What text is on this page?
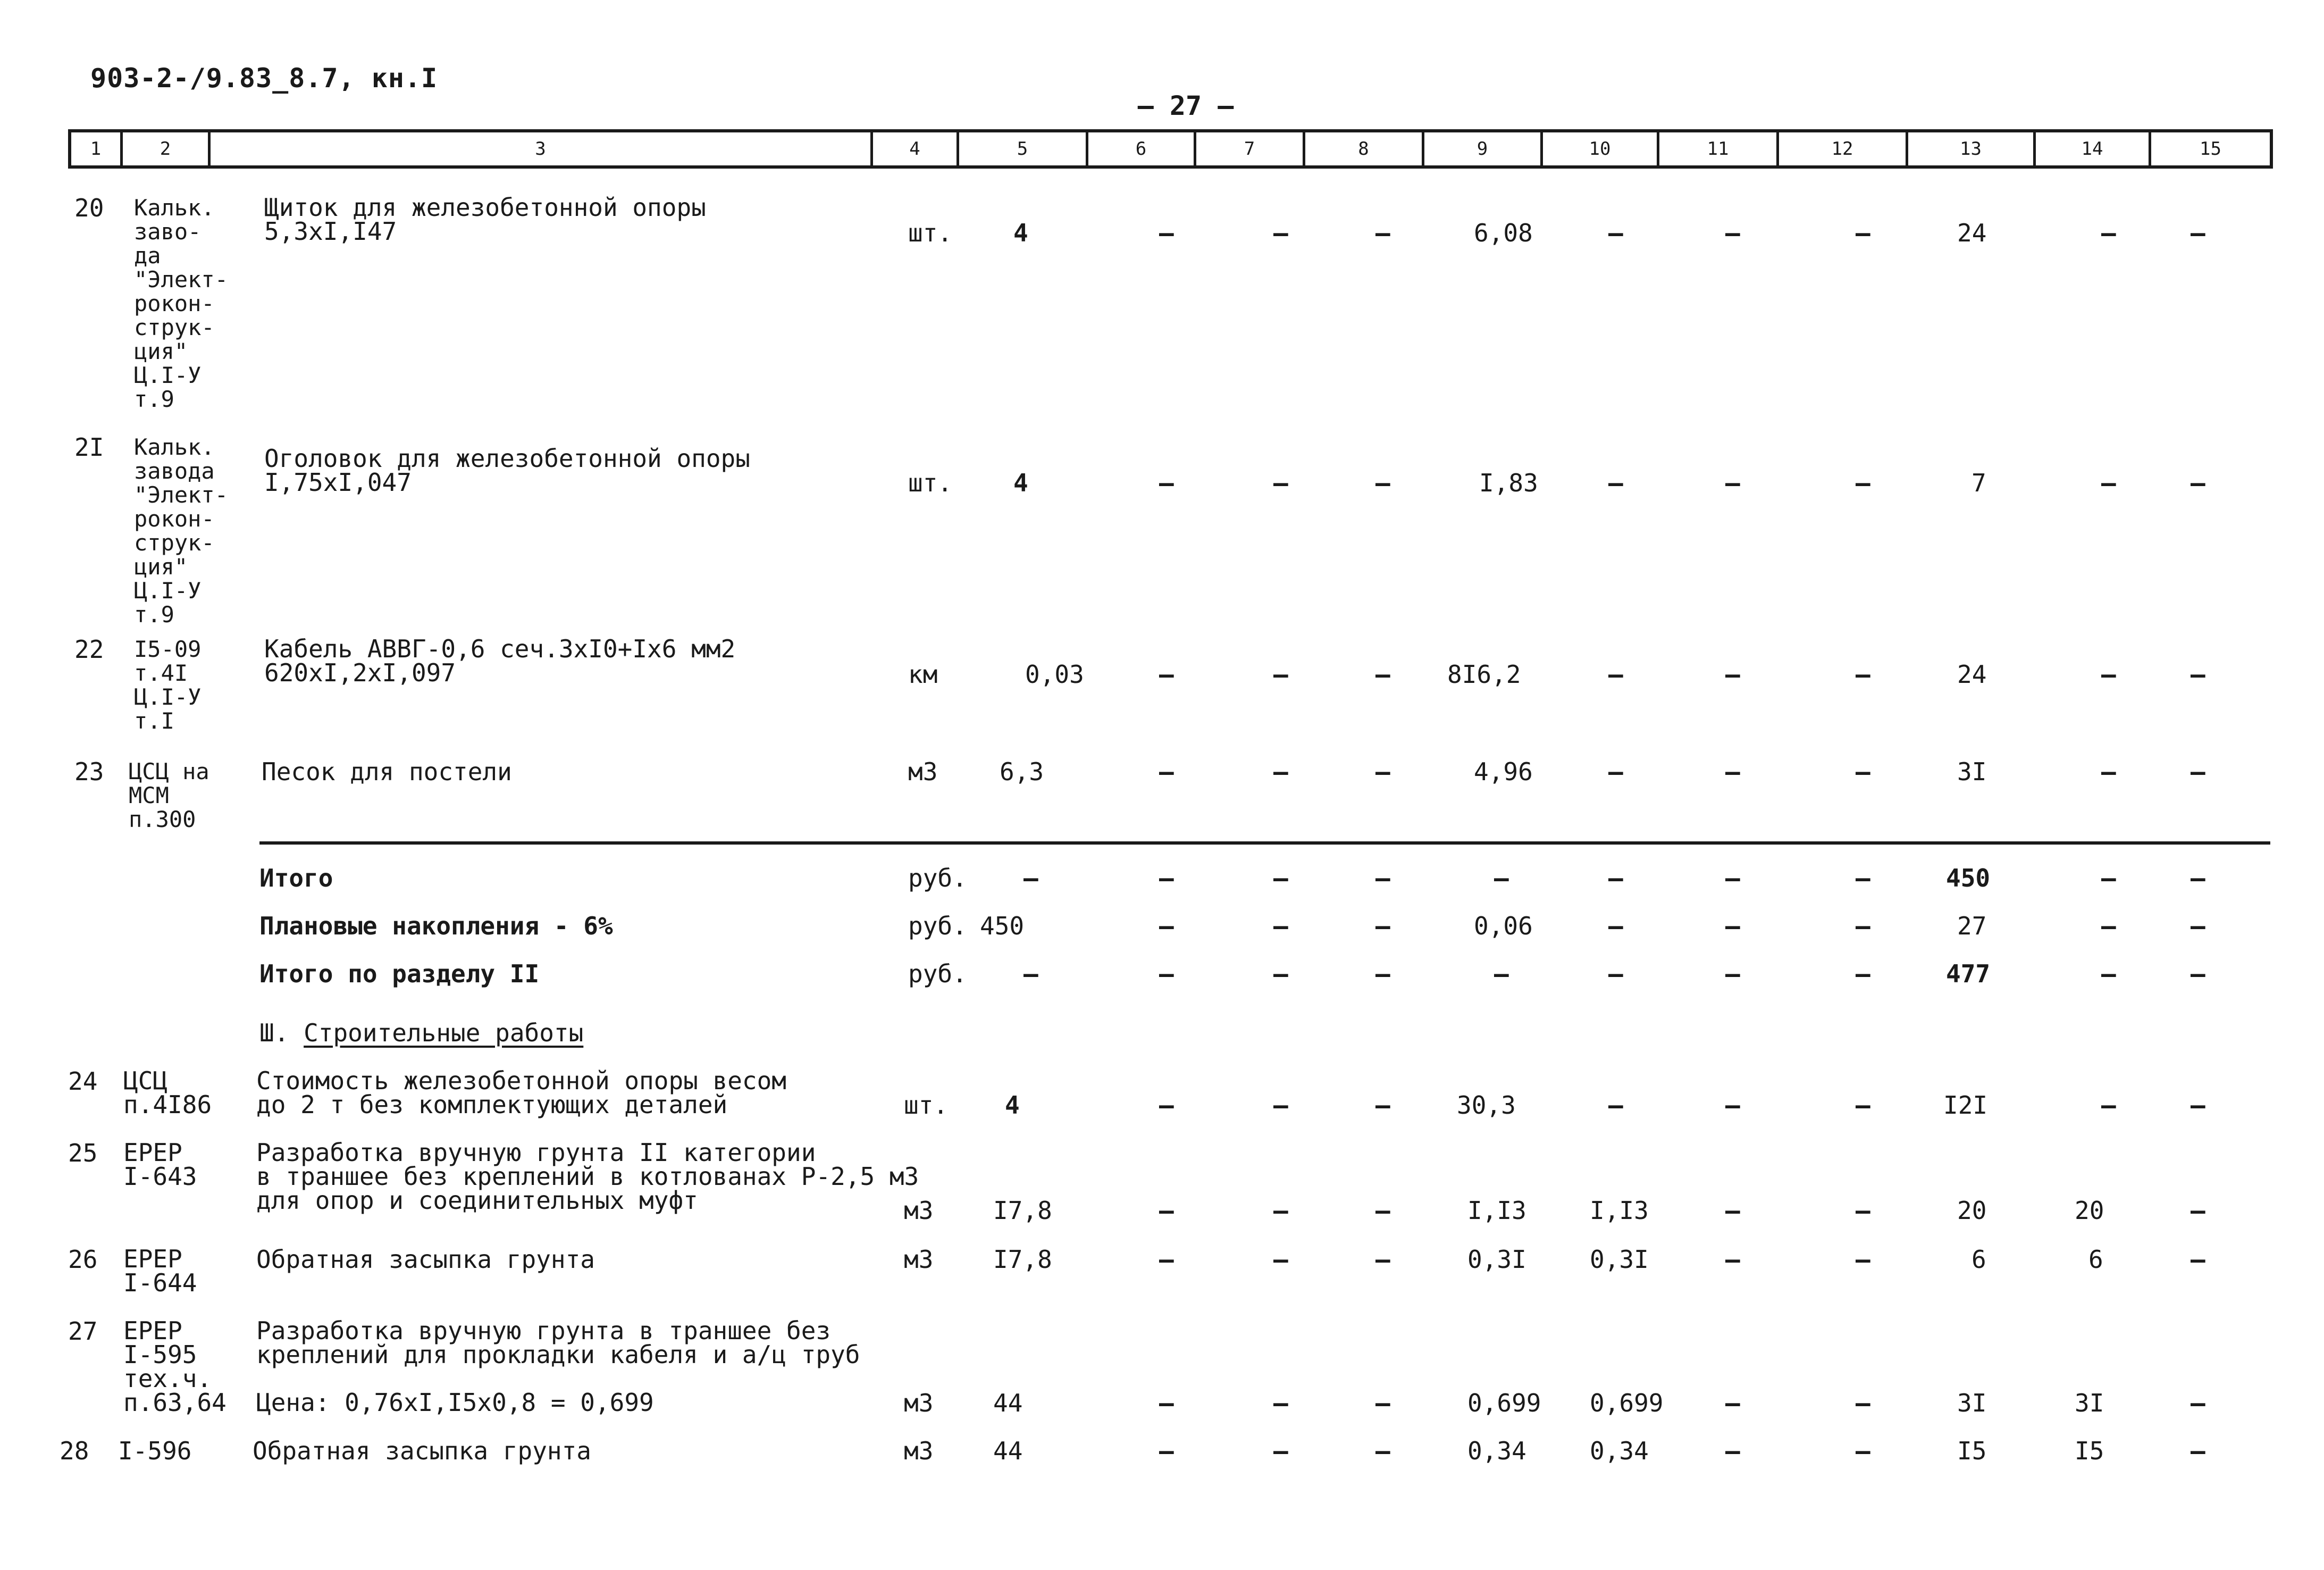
903-2-/9.83_8.7, кн.I
— 27 —
1	2	3	4	5	6	7	8	9	10	11	12	13	14	15
20 Кальк.
заво-
да
"Элект-
рокон-
струк-
ция"
Ц.I-У
т.9
Щиток для железобетонной опоры
5,3хI,I47	шт. 4	–	–	–	6,08	–	–	–	24	–	–
2I Кальк.
завода
"Элект-
рокон-
струк-
ция"
Ц.I-У
т.9
Оголовок для железобетонной опоры
I,75хI,047	шт. 4	–	–	–	I,83	–	–	–	7	–	–
22 I5-09
т.4I
Ц.I-У
т.I
Кабель АВВГ-0,6 сеч.3хI0+Iх6 мм2
620хI,2хI,097	км	0,03	–	–	– 8I6,2	–	–	–	24	–	–
23 ЦСЦ на
МСМ
п.300
Песок для постели	м3	6,3	–	–	–	4,96	–	–	–	3I	–	–
Итого	руб. –	–	–	–	–	–	–	–	450	–	–
Плановые накопления - 6%	руб. 450	–	–	–	0,06	–	–	–	27	–	–
Итого по разделу II	руб. –	–	–	–	–	–	–	–	477	–	–
Ш. Строительные работы
24 ЦСЦ
п.4I86
Стоимость железобетонной опоры весом
до 2 т без комплектующих деталей	шт. 4	–	–	–	30,3	–	–	–	I2I	–	–
25 ЕРЕР
I-643
Разработка вручную грунта II категории
в траншее без креплений в котлованах Р-2,5 м3
для опор и соединительных муфт	м3 I7,8	–	–	–	I,I3	I,I3	–	–	20	20	–
26 ЕРЕР
I-644
Обратная засыпка грунта	м3 I7,8	–	–	–	0,3I	0,3I	–	–	6	6	–
27 ЕРЕР
I-595
тех.ч.
п.63,64
Разработка вручную грунта в траншее без
креплений для прокладки кабеля и а/ц труб

Цена: 0,76хI,I5х0,8 = 0,699	м3 44	–	–	–	0,699 0,699	–	–	3I	3I	–
28 I-596 Обратная засыпка грунта	м3 44	–	–	–	0,34	0,34	–	–	I5	I5	–
